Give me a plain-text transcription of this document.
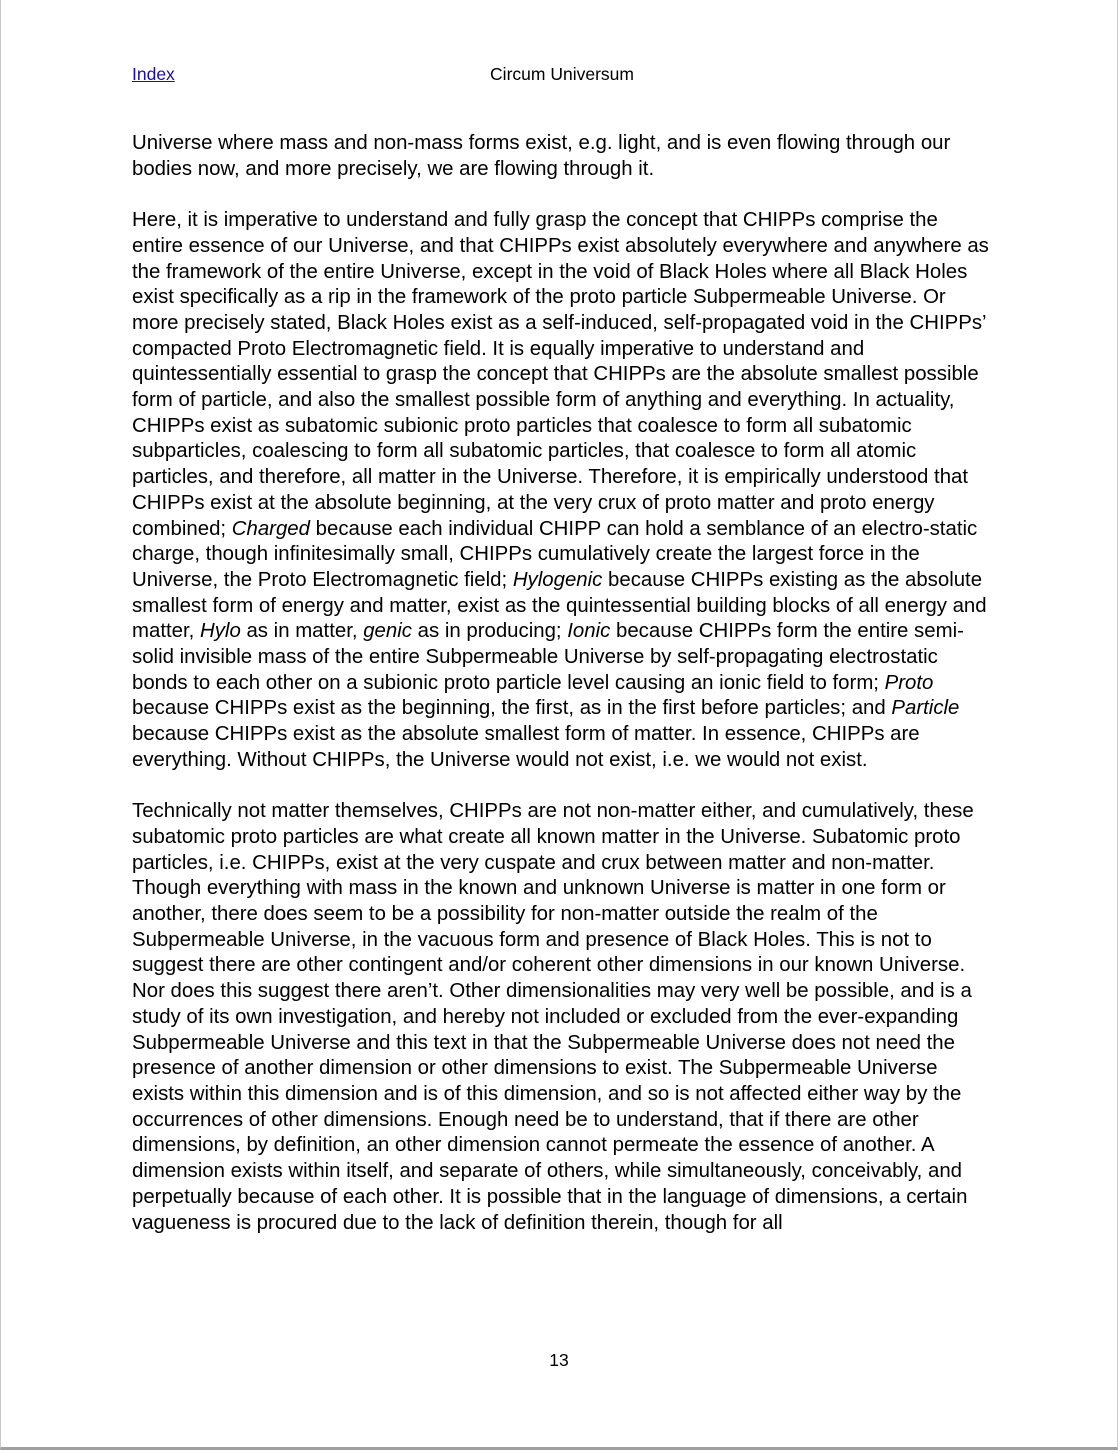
Index	Circum Universum

Universe where mass and non-mass forms exist, e.g. light, and is even flowing through our bodies now, and more precisely, we are flowing through it.

Here, it is imperative to understand and fully grasp the concept that CHIPPs comprise the entire essence of our Universe, and that CHIPPs exist absolutely everywhere and anywhere as the framework of the entire Universe, except in the void of Black Holes where all Black Holes exist specifically as a rip in the framework of the proto particle Subpermeable Universe. Or more precisely stated, Black Holes exist as a self-induced, self-propagated void in the CHIPPs’ compacted Proto Electromagnetic field. It is equally imperative to understand and quintessentially essential to grasp the concept that CHIPPs are the absolute smallest possible form of particle, and also the smallest possible form of anything and everything. In actuality, CHIPPs exist as subatomic subionic proto particles that coalesce to form all subatomic subparticles, coalescing to form all subatomic particles, that coalesce to form all atomic particles, and therefore, all matter in the Universe. Therefore, it is empirically understood that CHIPPs exist at the absolute beginning, at the very crux of proto matter and proto energy combined; Charged because each individual CHIPP can hold a semblance of an electro-static charge, though infinitesimally small, CHIPPs cumulatively create the largest force in the Universe, the Proto Electromagnetic field; Hylogenic because CHIPPs existing as the absolute smallest form of energy and matter, exist as the quintessential building blocks of all energy and matter, Hylo as in matter, genic as in producing; Ionic because CHIPPs form the entire semi-solid invisible mass of the entire Subpermeable Universe by self-propagating electrostatic bonds to each other on a subionic proto particle level causing an ionic field to form; Proto because CHIPPs exist as the beginning, the first, as in the first before particles; and Particle because CHIPPs exist as the absolute smallest form of matter. In essence, CHIPPs are everything. Without CHIPPs, the Universe would not exist, i.e. we would not exist.

Technically not matter themselves, CHIPPs are not non-matter either, and cumulatively, these subatomic proto particles are what create all known matter in the Universe. Subatomic proto particles, i.e. CHIPPs, exist at the very cuspate and crux between matter and non-matter. Though everything with mass in the known and unknown Universe is matter in one form or another, there does seem to be a possibility for non-matter outside the realm of the Subpermeable Universe, in the vacuous form and presence of Black Holes. This is not to suggest there are other contingent and/or coherent other dimensions in our known Universe. Nor does this suggest there aren’t. Other dimensionalities may very well be possible, and is a study of its own investigation, and hereby not included or excluded from the ever-expanding Subpermeable Universe and this text in that the Subpermeable Universe does not need the presence of another dimension or other dimensions to exist. The Subpermeable Universe exists within this dimension and is of this dimension, and so is not affected either way by the occurrences of other dimensions. Enough need be to understand, that if there are other dimensions, by definition, an other dimension cannot permeate the essence of another. A dimension exists within itself, and separate of others, while simultaneously, conceivably, and perpetually because of each other. It is possible that in the language of dimensions, a certain vagueness is procured due to the lack of definition therein, though for all

13
